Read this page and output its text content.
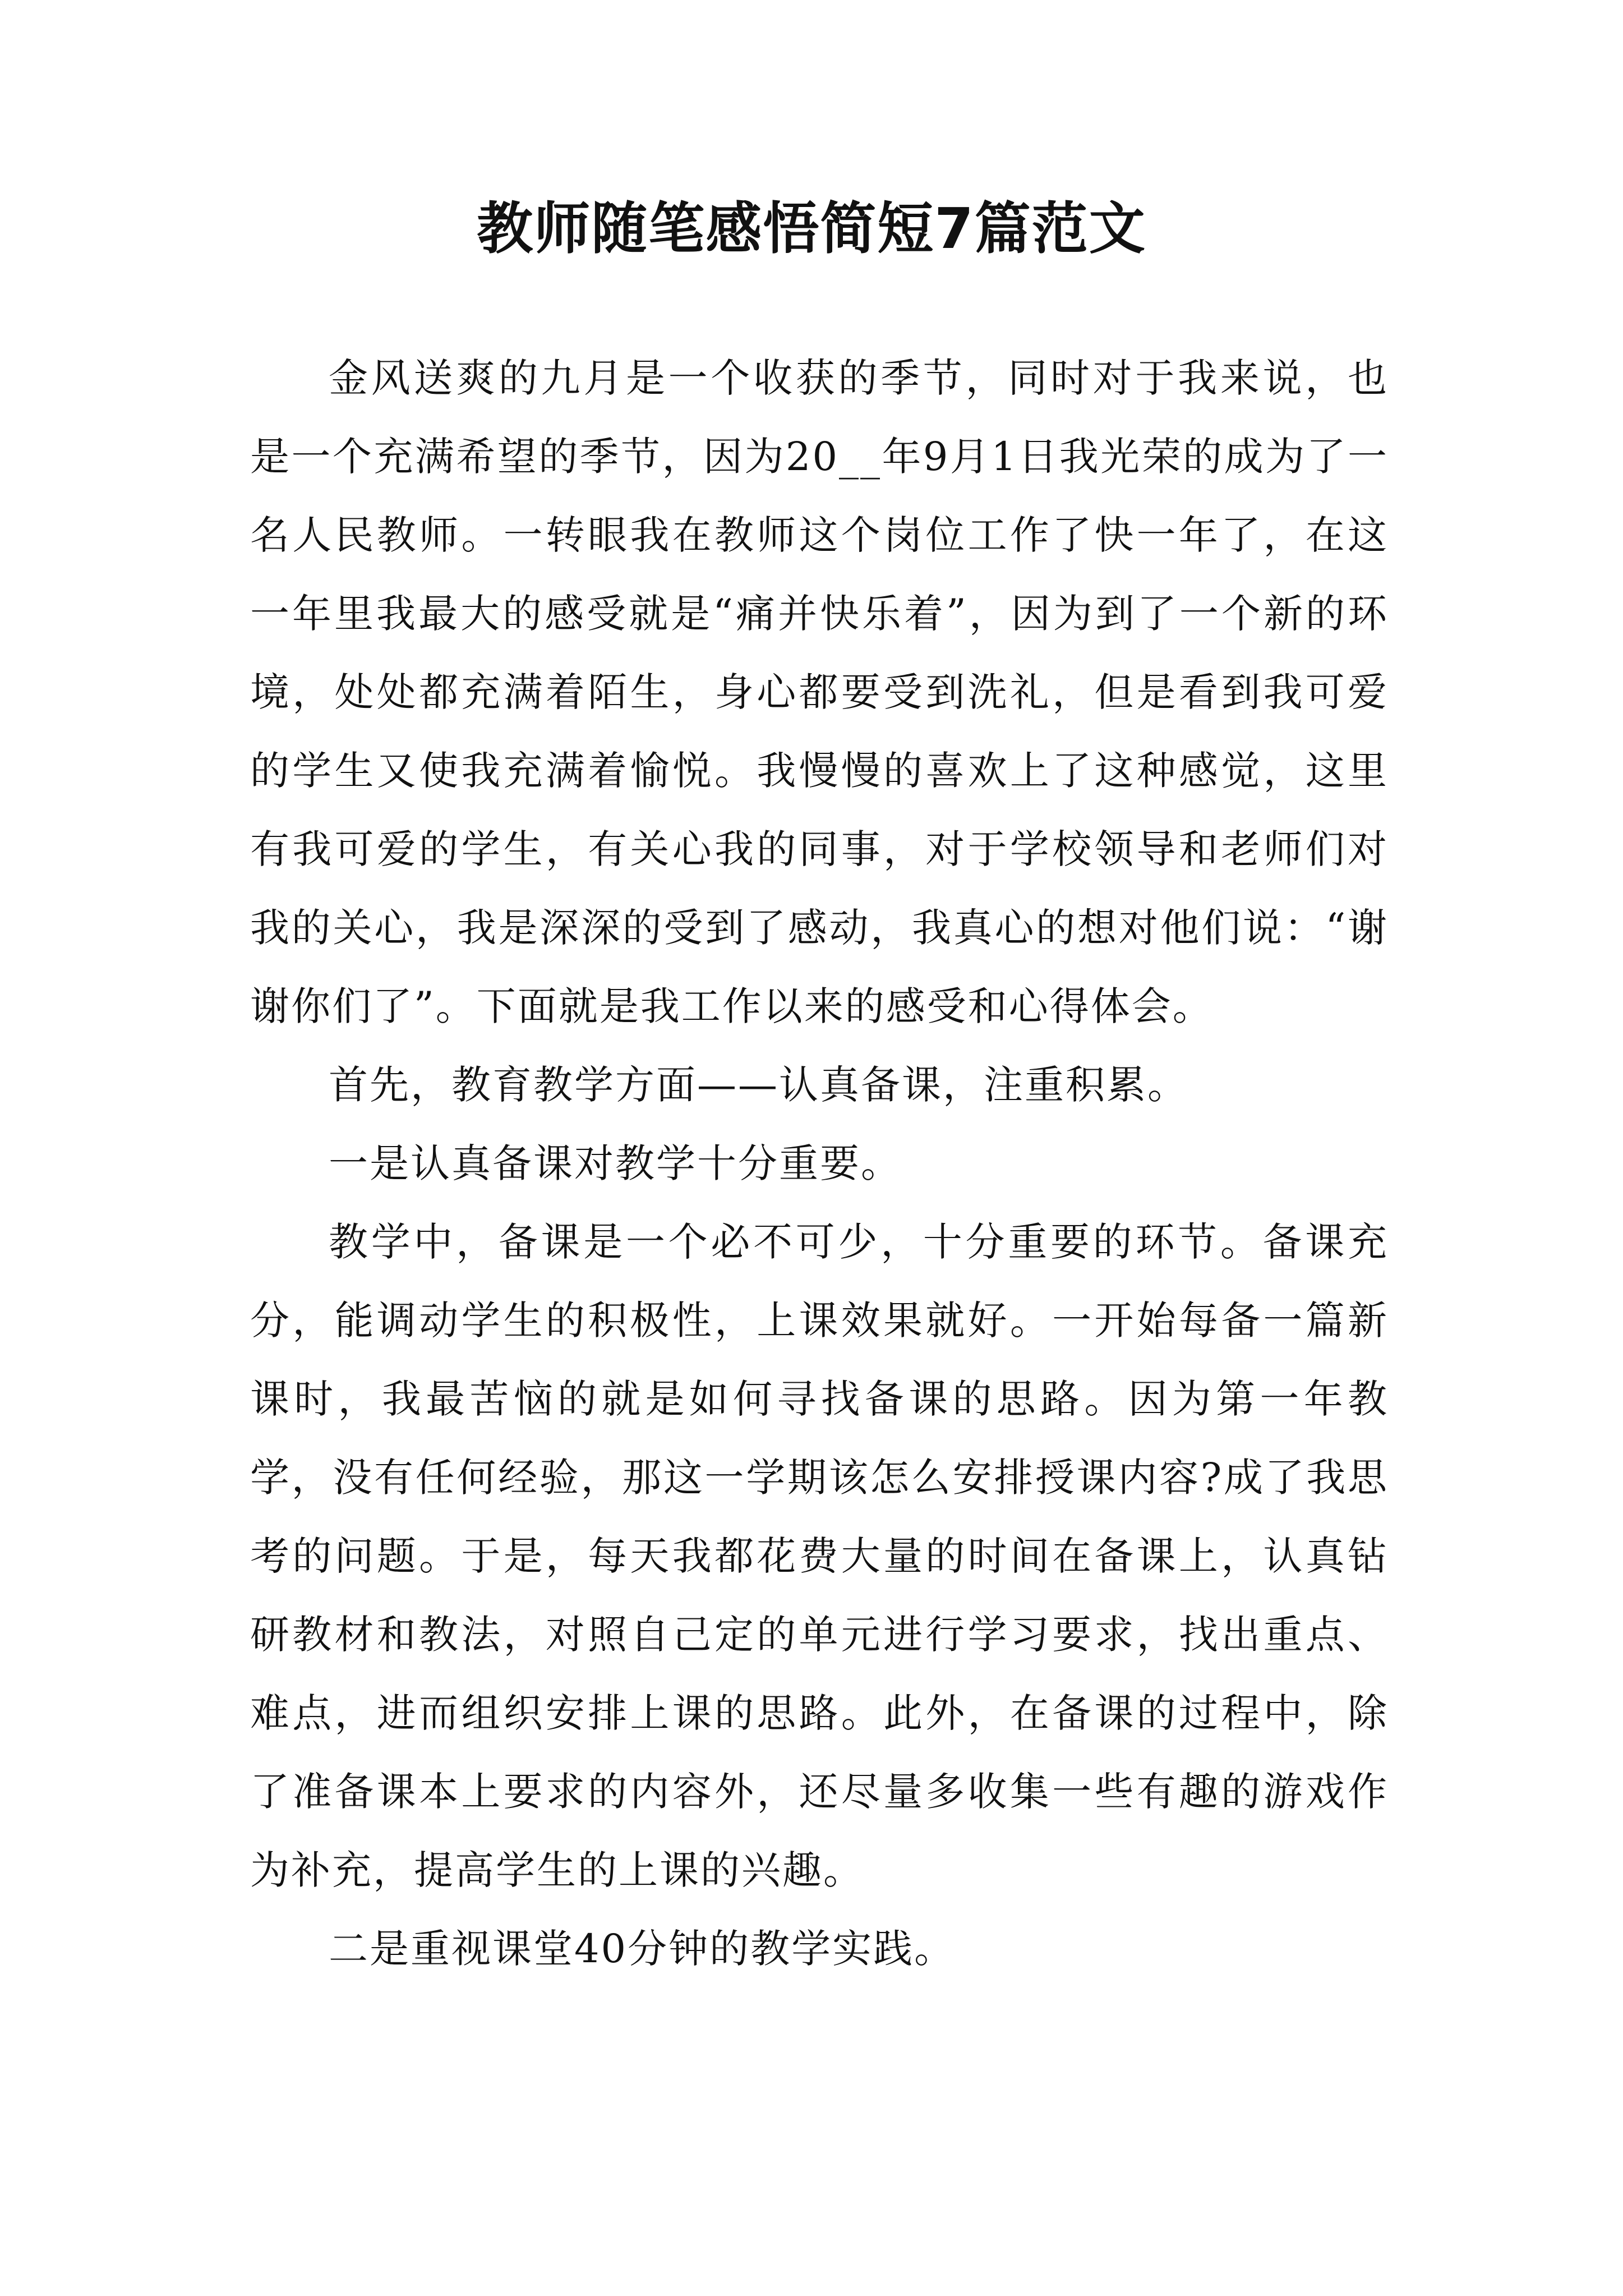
教师随笔感悟简短7篇范文

金风送爽的九月是一个收获的季节，同时对于我来说，也是一个充满希望的季节，因为20__年9月1日我光荣的成为了一名人民教师。一转眼我在教师这个岗位工作了快一年了，在这一年里我最大的感受就是“痛并快乐着”，因为到了一个新的环境，处处都充满着陌生，身心都要受到洗礼，但是看到我可爱的学生又使我充满着愉悦。我慢慢的喜欢上了这种感觉，这里有我可爱的学生，有关心我的同事，对于学校领导和老师们对我的关心，我是深深的受到了感动，我真心的想对他们说：“谢谢你们了”。下面就是我工作以来的感受和心得体会。

首先，教育教学方面——认真备课，注重积累。

一是认真备课对教学十分重要。

教学中，备课是一个必不可少，十分重要的环节。备课充分，能调动学生的积极性，上课效果就好。一开始每备一篇新课时，我最苦恼的就是如何寻找备课的思路。因为第一年教学，没有任何经验，那这一学期该怎么安排授课内容?成了我思考的问题。于是，每天我都花费大量的时间在备课上，认真钻研教材和教法，对照自己定的单元进行学习要求，找出重点、难点，进而组织安排上课的思路。此外，在备课的过程中，除了准备课本上要求的内容外，还尽量多收集一些有趣的游戏作为补充，提高学生的上课的兴趣。

二是重视课堂40分钟的教学实践。
